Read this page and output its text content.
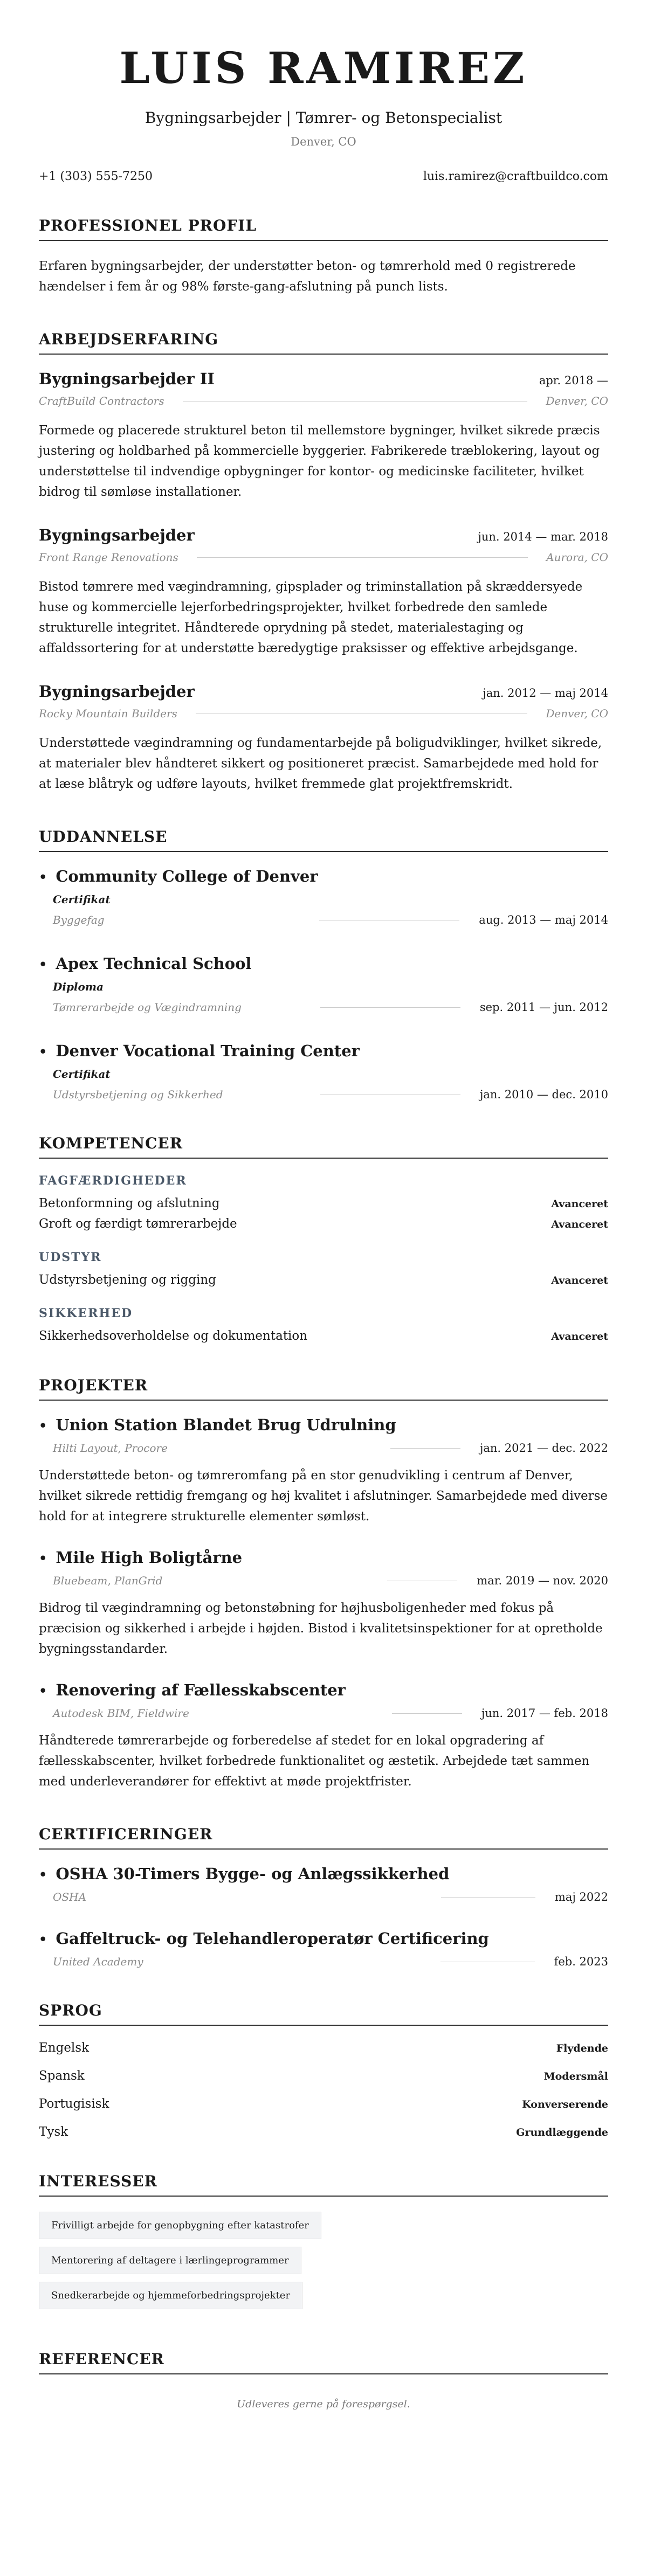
LUIS RAMIREZ
Bygningsarbejder | Tømrer- og Betonspecialist
Denver, CO
+1 (303) 555-7250	luis.ramirez@craftbuildco.com
PROFESSIONEL PROFIL

Erfaren bygningsarbejder, der understøtter beton- og tømrerhold med 0 registrerede hændelser i fem år og 98% første-gang-afslutning på punch lists.

ARBEJDSERFARING
Bygningsarbejder II	apr. 2018 —
CraftBuild Contractors	Denver, CO

Formede og placerede strukturel beton til mellemstore bygninger, hvilket sikrede præcis justering og holdbarhed på kommercielle byggerier. Fabrikerede træblokering, layout og understøttelse til indvendige opbygninger for kontor- og medicinske faciliteter, hvilket bidrog til sømløse installationer.

Bygningsarbejder	jun. 2014 — mar. 2018
Front Range Renovations	Aurora, CO

Bistod tømrere med vægindramning, gipsplader og triminstallation på skræddersyede huse og kommercielle lejerforbedringsprojekter, hvilket forbedrede den samlede strukturelle integritet. Håndterede oprydning på stedet, materialestaging og affaldssortering for at understøtte bæredygtige praksisser og effektive arbejdsgange.

Bygningsarbejder	jan. 2012 — maj 2014
Rocky Mountain Builders	Denver, CO

Understøttede vægindramning og fundamentarbejde på boligudviklinger, hvilket sikrede, at materialer blev håndteret sikkert og positioneret præcist. Samarbejdede med hold for at læse blåtryk og udføre layouts, hvilket fremmede glat projektfremskridt.

UDDANNELSE
• Community College of Denver
Certifikat
Byggefag	aug. 2013 — maj 2014
• Apex Technical School
Diploma
Tømrerarbejde og Vægindramning	sep. 2011 — jun. 2012
• Denver Vocational Training Center
Certifikat
Udstyrsbetjening og Sikkerhed	jan. 2010 — dec. 2010
KOMPETENCER
FAGFÆRDIGHEDER
Betonformning og afslutning	Avanceret
Groft og færdigt tømrerarbejde	Avanceret
UDSTYR
Udstyrsbetjening og rigging	Avanceret
SIKKERHED
Sikkerhedsoverholdelse og dokumentation	Avanceret
PROJEKTER
• Union Station Blandet Brug Udrulning
Hilti Layout, Procore	jan. 2021 — dec. 2022

Understøttede beton- og tømreromfang på en stor genudvikling i centrum af Denver, hvilket sikrede rettidig fremgang og høj kvalitet i afslutninger. Samarbejdede med diverse hold for at integrere strukturelle elementer sømløst.

• Mile High Boligtårne
Bluebeam, PlanGrid	mar. 2019 — nov. 2020

Bidrog til vægindramning og betonstøbning for højhusboligenheder med fokus på præcision og sikkerhed i arbejde i højden. Bistod i kvalitetsinspektioner for at opretholde bygningsstandarder.

• Renovering af Fællesskabscenter
Autodesk BIM, Fieldwire	jun. 2017 — feb. 2018

Håndterede tømrerarbejde og forberedelse af stedet for en lokal opgradering af fællesskabscenter, hvilket forbedrede funktionalitet og æstetik. Arbejdede tæt sammen med underleverandører for effektivt at møde projektfrister.

CERTIFICERINGER
• OSHA 30-Timers Bygge- og Anlægssikkerhed
OSHA	maj 2022
• Gaffeltruck- og Telehandleroperatør Certificering
United Academy	feb. 2023
SPROG
Engelsk	Flydende
Spansk	Modersmål
Portugisisk	Konverserende
Tysk	Grundlæggende
INTERESSER
Frivilligt arbejde for genopbygning efter katastrofer
Mentorering af deltagere i lærlingeprogrammer
Snedkerarbejde og hjemmeforbedringsprojekter
REFERENCER
Udleveres gerne på forespørgsel.
